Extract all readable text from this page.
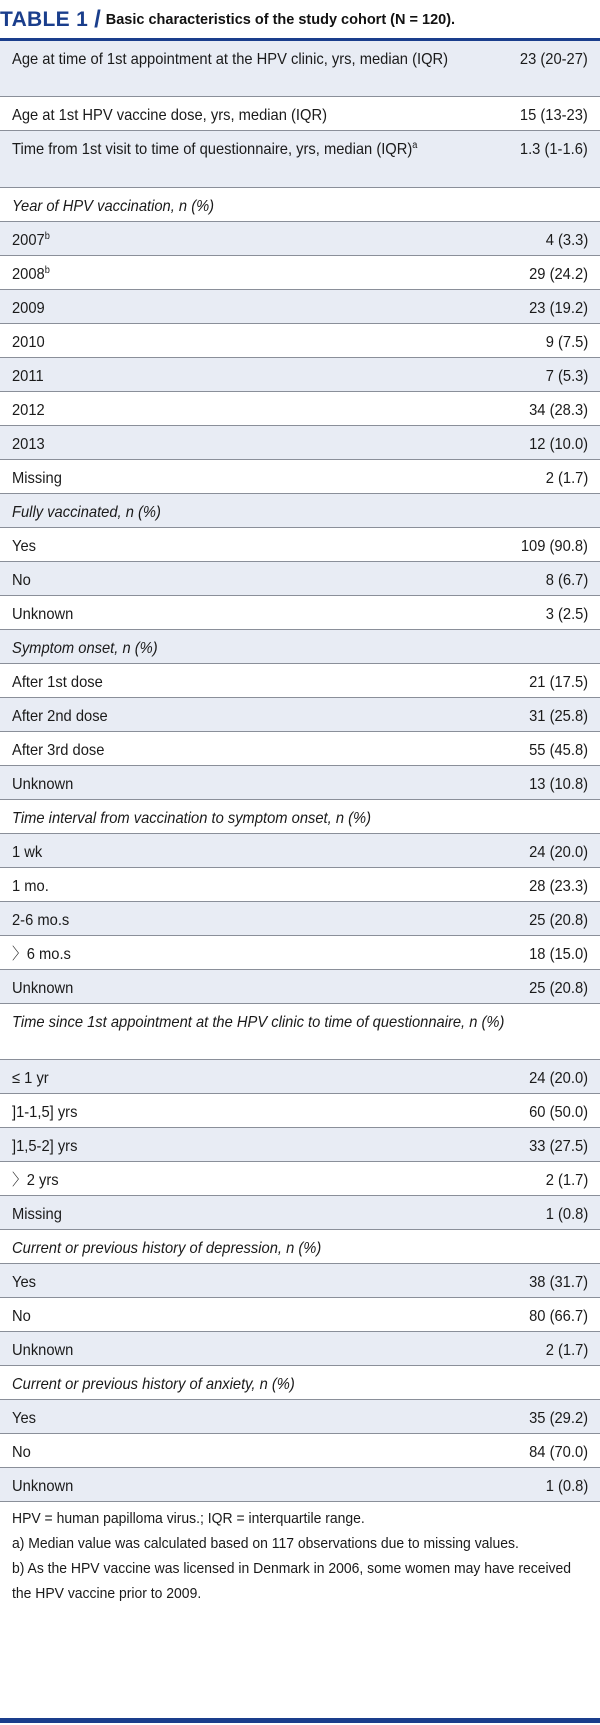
TABLE 1 / Basic characteristics of the study cohort (N = 120).
Age at time of 1st appointment at the HPV clinic, yrs, median (IQR)	23 (20-27)
Age at 1st HPV vaccine dose, yrs, median (IQR)	15 (13-23)
Time from 1st visit to time of questionnaire, yrs, median (IQR)$^a$	1.3 (1-1.6)
Year of HPV vaccination, n (%)
2007$^b$	4 (3.3)
2008$^b$	29 (24.2)
2009	23 (19.2)
2010	9 (7.5)
2011	7 (5.3)
2012	34 (28.3)
2013	12 (10.0)
Missing	2 (1.7)
Fully vaccinated, n (%)
Yes	109 (90.8)
No	8 (6.7)
Unknown	3 (2.5)
Symptom onset, n (%)
After 1st dose	21 (17.5)
After 2nd dose	31 (25.8)
After 3rd dose	55 (45.8)
Unknown	13 (10.8)
Time interval from vaccination to symptom onset, n (%)
1 wk	24 (20.0)
1 mo.	28 (23.3)
2-6 mo.s	25 (20.8)
〉6 mo.s	18 (15.0)
Unknown	25 (20.8)
Time since 1st appointment at the HPV clinic to time of questionnaire, n (%)
≤ 1 yr	24 (20.0)
]1-1,5] yrs	60 (50.0)
]1,5-2] yrs	33 (27.5)
〉2 yrs	2 (1.7)
Missing	1 (0.8)
Current or previous history of depression, n (%)
Yes	38 (31.7)
No	80 (66.7)
Unknown	2 (1.7)
Current or previous history of anxiety, n (%)
Yes	35 (29.2)
No	84 (70.0)
Unknown	1 (0.8)

HPV = human papilloma virus.; IQR = interquartile range.

a) Median value was calculated based on 117 observations due to missing values.

b) As the HPV vaccine was licensed in Denmark in 2006, some women may have received the HPV vaccine prior to 2009.
